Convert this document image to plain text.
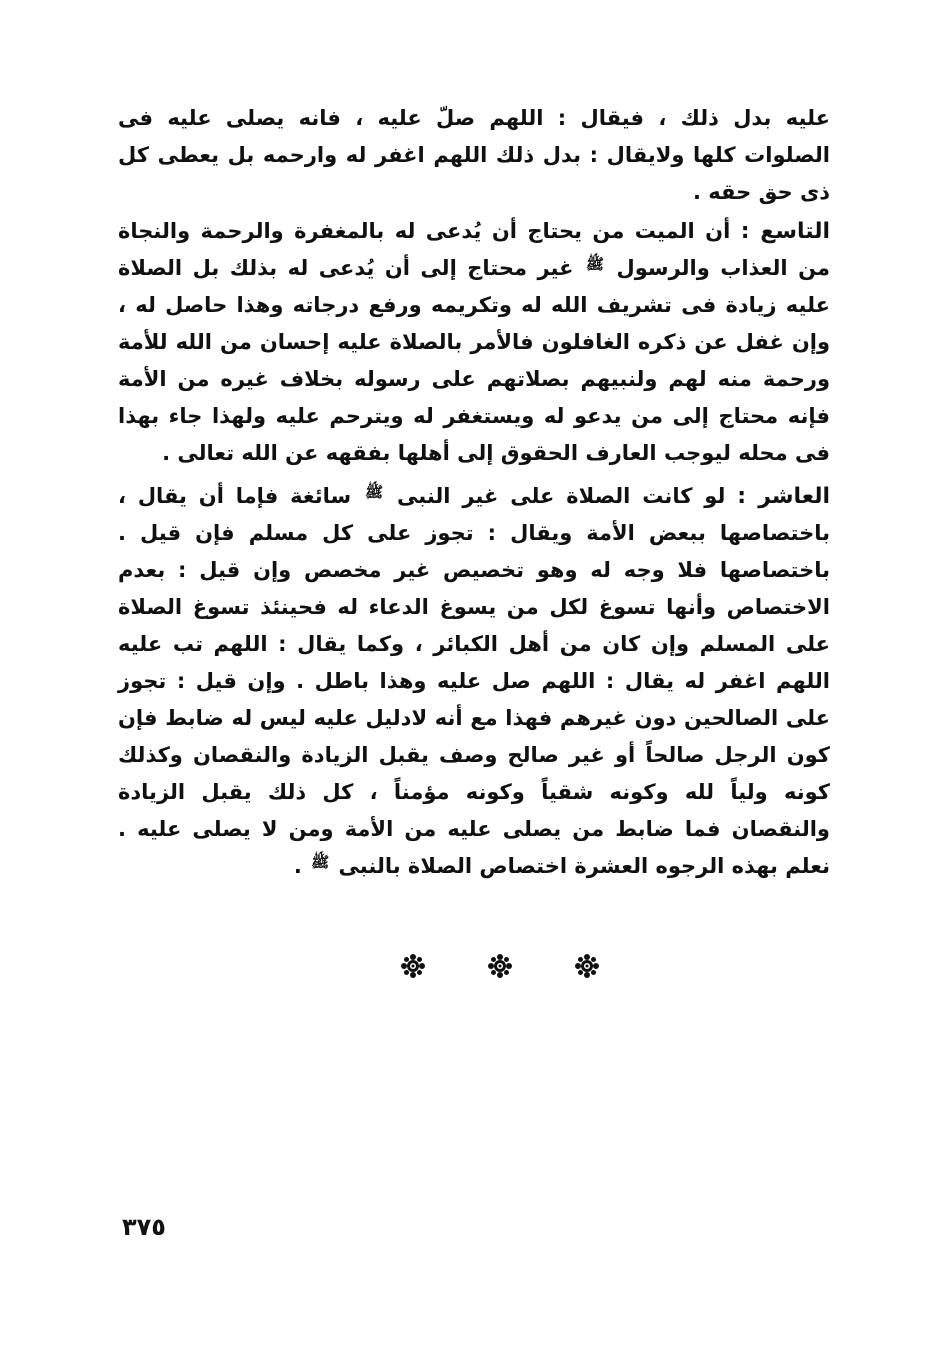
عليه بدل ذلك ، فيقال : اللهم صلّ عليه ، فانه يصلى عليه فى الصلوات كلها ولايقال : بدل ذلك اللهم اغفر له وارحمه بل يعطى كل ذى حق حقه .

التاسع : أن الميت من يحتاج أن يُدعى له بالمغفرة والرحمة والنجاة من العذاب والرسول ﷺ غير محتاج إلى أن يُدعى له بذلك بل الصلاة عليه زيادة فى تشريف الله له وتكريمه ورفع درجاته وهذا حاصل له ، وإن غفل عن ذكره الغافلون فالأمر بالصلاة عليه إحسان من الله للأمة ورحمة منه لهم ولنبيهم بصلاتهم على رسوله بخلاف غيره من الأمة فإنه محتاج إلى من يدعو له ويستغفر له ويترحم عليه ولهذا جاء بهذا فى محله ليوجب العارف الحقوق إلى أهلها بفقهه عن الله تعالى .

العاشر : لو كانت الصلاة على غير النبى ﷺ سائغة فإما أن يقال ، باختصاصها ببعض الأمة ويقال : تجوز على كل مسلم فإن قيل . باختصاصها فلا وجه له وهو تخصيص غير مخصص وإن قيل : بعدم الاختصاص وأنها تسوغ لكل من يسوغ الدعاء له فحينئذ تسوغ الصلاة على المسلم وإن كان من أهل الكبائر ، وكما يقال : اللهم تب عليه اللهم اغفر له يقال : اللهم صل عليه وهذا باطل . وإن قيل : تجوز على الصالحين دون غيرهم فهذا مع أنه لادليل عليه ليس له ضابط فإن كون الرجل صالحاً أو غير صالح وصف يقبل الزيادة والنقصان وكذلك كونه ولياً لله وكونه شقياً وكونه مؤمناً ، كل ذلك يقبل الزيادة والنقصان فما ضابط من يصلى عليه من الأمة ومن لا يصلى عليه . نعلم بهذه الرجوه العشرة اختصاص الصلاة بالنبى ﷺ .

٣٧٥
